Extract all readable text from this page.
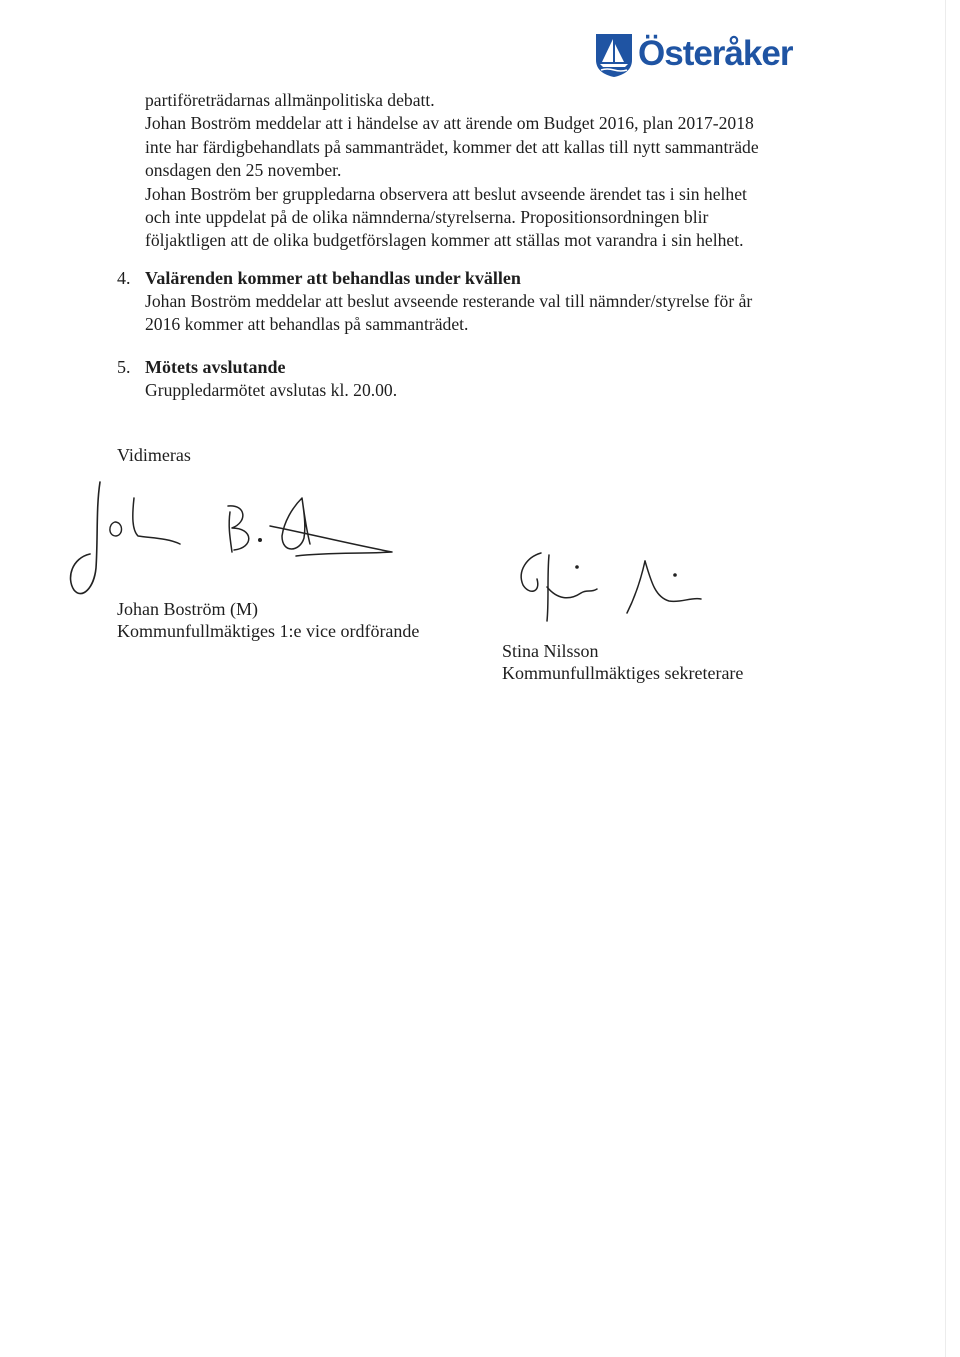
Österåker
partiföreträdarnas allmänpolitiska debatt.
Johan Boström meddelar att i händelse av att ärende om Budget 2016, plan 2017-2018
inte har färdigbehandlats på sammanträdet, kommer det att kallas till nytt sammanträde
onsdagen den 25 november.
Johan Boström ber gruppledarna observera att beslut avseende ärendet tas i sin helhet
och inte uppdelat på de olika nämnderna/styrelserna. Propositionsordningen blir
följaktligen att de olika budgetförslagen kommer att ställas mot varandra i sin helhet.
4. Valärenden kommer att behandlas under kvällen
Johan Boström meddelar att beslut avseende resterande val till nämnder/styrelse för år
2016 kommer att behandlas på sammanträdet.
5. Mötets avslutande
Gruppledarmötet avslutas kl. 20.00.
Vidimeras
Johan Boström (M)
Kommunfullmäktiges 1:e vice ordförande
Stina Nilsson
Kommunfullmäktiges sekreterare
